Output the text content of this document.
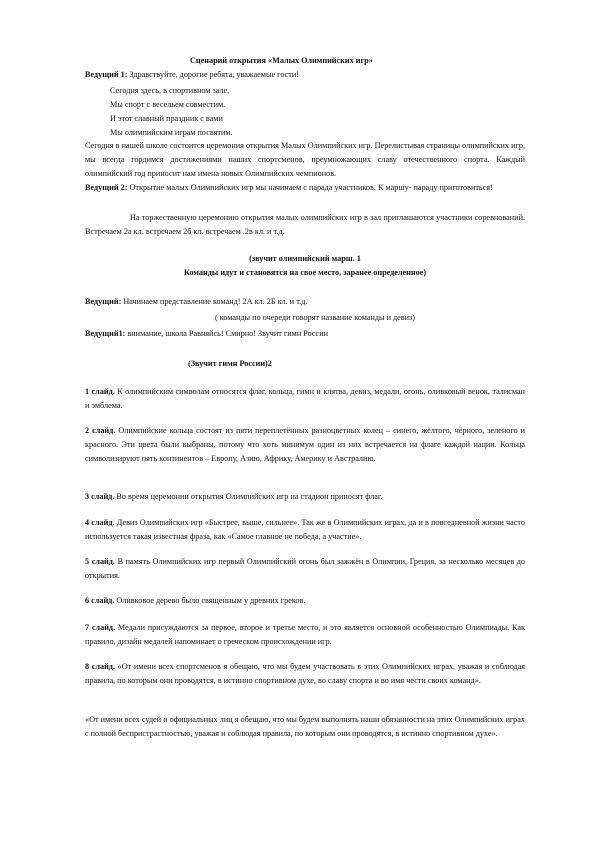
Сценарий открытия «Малых Олимпийских игр»
Ведущий 1: Здравствуйте, дорогие ребята, уважаемые гости!
Сегодня здесь, в спортивном зале,
Мы спорт с весельем совместим.
И этот славный праздник с вами
Мы олимпийским играм посвятим.
Сегодня в нашей школе состоится церемония открытия Малых Олимпийских игр. Перелистывая страницы олимпийских игр, мы всегда гордимся достижениями наших спортсменов, преумножающих славу отечественного спорта. Каждый олимпийский год приносит нам имена новых Олимпийских чемпионов.
Ведущий 2: Открытие малых Олимпийских игр мы начинаем с парада участников. К маршу- параду приготовиться!
На торжественную церемонию открытия малых олимпийских игр в зал приглашаются участники соревнований. Встречаем 2а кл. встречаем 2б кл. встречаем .2в кл. и т.д.
(звучит олимпийский марш. 1
Команды идут и становятся на свое место, заранее определенное)
Ведущий: Начинаем представление команд! 2А кл. 2Б кл. и т.д.
( команды по очереди говорят название команды и девиз)
Ведущий1: внимание, школа Равняйсь! Смирно! Звучит гимн России
(Звучит гимн России)2
1 слайд. К олимпийским символам относятся флаг, кольца, гимн и клятва, девиз, медали, огонь, оливковый венок, талисман и эмблема.
2 слайд. Олимпийские кольца состоят из пяти переплетённых разноцветных колец – синего, жёлтого, чёрного, зеленого и красного. Эти цвета были выбраны, потому что хоть минимум один из них встречается на флаге каждой нации. Кольца символизируют пять континентов – Европу, Азию, Африку, Америку и Австралию.
3 слайд. Во время церемонии открытия Олимпийских игр на стадион приносят флаг.
4 слайд. Девиз Олимпийских игр «Быстрее, выше, сильнее». Так же в Олимпийских играх, да и в повседневной жизни часто используется такая известная фраза, как «Самое главное не победа, а участие».
5 слайд. В память Олимпийских игр первый Олимпийский огонь был зажжён в Олимпии, Греция, за несколько месяцев до открытия.
6 слайд. Оливковое дерево было священным у древних греков.
7 слайд. Медали присуждаются за первое, второе и третье место, и это является основной особенностью Олимпиады. Как правило, дизайн медалей напоминает о греческом происхождении игр.
8 слайд. «От имени всех спортсменов я обещаю, что мы будем участвовать в этих Олимпийских играх, уважая и соблюдая правила, по которым они проводятся, в истинно спортивном духе, во славу спорта и во имя чести своих команд».
«От имени всех судей и официальных лиц я обещаю, что мы будем выполнять наши обязанности на этих Олимпийских играх с полной беспристрастностью, уважая и соблюдая правила, по которым они проводятся, в истинно спортивном духе».
